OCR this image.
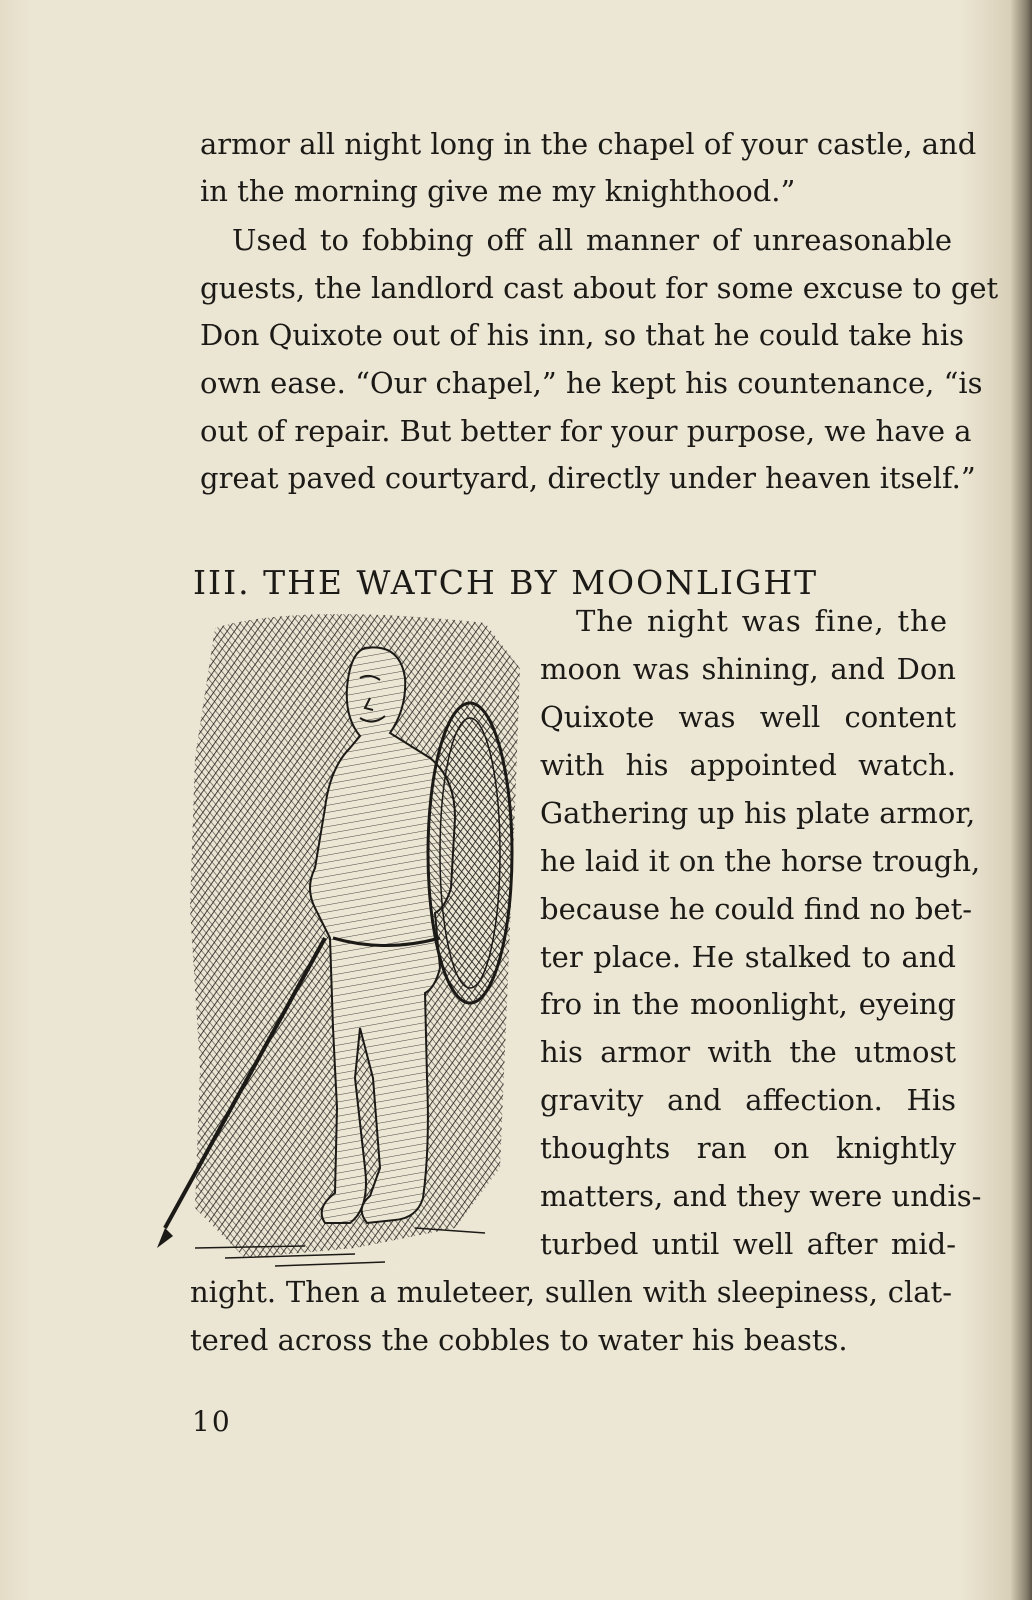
armor all night long in the chapel of your castle, and
in the morning give me my knighthood.”
Used to fobbing off all manner of unreasonable
guests, the landlord cast about for some excuse to get
Don Quixote out of his inn, so that he could take his
own ease. “Our chapel,” he kept his countenance, “is
out of repair. But better for your purpose, we have a
great paved courtyard, directly under heaven itself.”
III. THE WATCH BY MOONLIGHT
The night was fine, the
moon was shining, and Don
Quixote was well content
with his appointed watch.
Gathering up his plate armor,
he laid it on the horse trough,
because he could find no bet-
ter place. He stalked to and
fro in the moonlight, eyeing
his armor with the utmost
gravity and affection. His
thoughts ran on knightly
matters, and they were undis-
turbed until well after mid-
night. Then a muleteer, sullen with sleepiness, clat-
tered across the cobbles to water his beasts.
10
